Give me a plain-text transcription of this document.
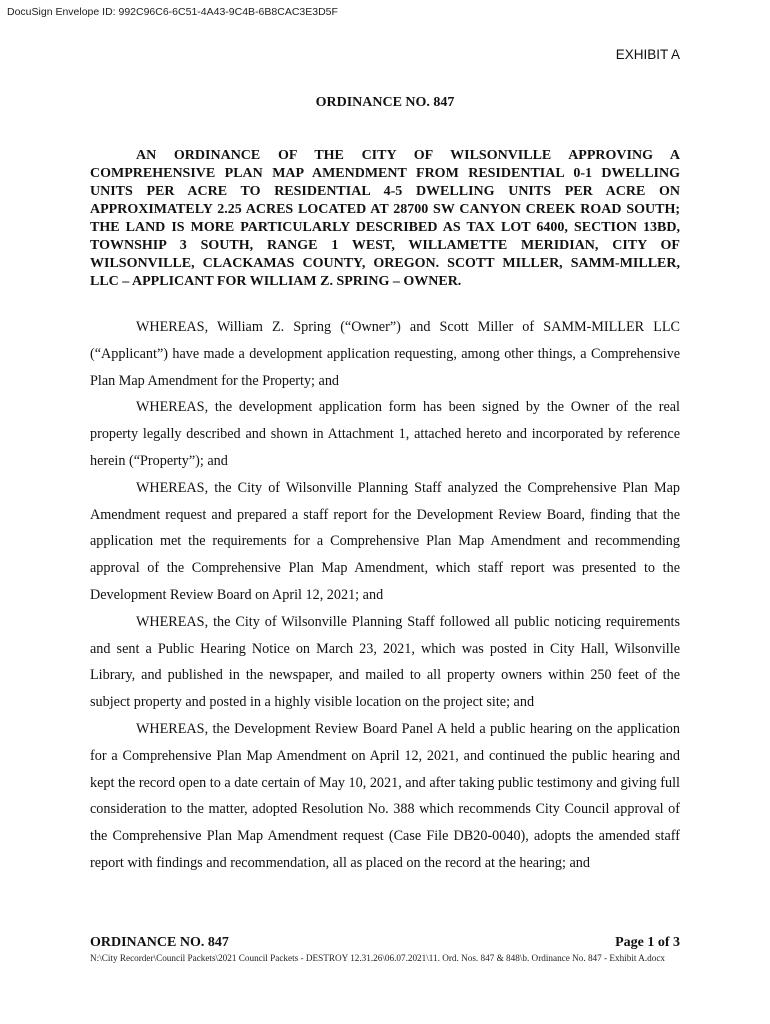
DocuSign Envelope ID: 992C96C6-6C51-4A43-9C4B-6B8CAC3E3D5F
EXHIBIT A
ORDINANCE NO. 847
AN ORDINANCE OF THE CITY OF WILSONVILLE APPROVING A COMPREHENSIVE PLAN MAP AMENDMENT FROM RESIDENTIAL 0-1 DWELLING UNITS PER ACRE TO RESIDENTIAL 4-5 DWELLING UNITS PER ACRE ON APPROXIMATELY 2.25 ACRES LOCATED AT 28700 SW CANYON CREEK ROAD SOUTH; THE LAND IS MORE PARTICULARLY DESCRIBED AS TAX LOT 6400, SECTION 13BD, TOWNSHIP 3 SOUTH, RANGE 1 WEST, WILLAMETTE MERIDIAN, CITY OF WILSONVILLE, CLACKAMAS COUNTY, OREGON. SCOTT MILLER, SAMM-MILLER, LLC – APPLICANT FOR WILLIAM Z. SPRING – OWNER.

WHEREAS, William Z. Spring (“Owner”) and Scott Miller of SAMM-MILLER LLC (“Applicant”) have made a development application requesting, among other things, a Comprehensive Plan Map Amendment for the Property; and

WHEREAS, the development application form has been signed by the Owner of the real property legally described and shown in Attachment 1, attached hereto and incorporated by reference herein (“Property”); and

WHEREAS, the City of Wilsonville Planning Staff analyzed the Comprehensive Plan Map Amendment request and prepared a staff report for the Development Review Board, finding that the application met the requirements for a Comprehensive Plan Map Amendment and recommending approval of the Comprehensive Plan Map Amendment, which staff report was presented to the Development Review Board on April 12, 2021; and

WHEREAS, the City of Wilsonville Planning Staff followed all public noticing requirements and sent a Public Hearing Notice on March 23, 2021, which was posted in City Hall, Wilsonville Library, and published in the newspaper, and mailed to all property owners within 250 feet of the subject property and posted in a highly visible location on the project site; and

WHEREAS, the Development Review Board Panel A held a public hearing on the application for a Comprehensive Plan Map Amendment on April 12, 2021, and continued the public hearing and kept the record open to a date certain of May 10, 2021, and after taking public testimony and giving full consideration to the matter, adopted Resolution No. 388 which recommends City Council approval of the Comprehensive Plan Map Amendment request (Case File DB20-0040), adopts the amended staff report with findings and recommendation, all as placed on the record at the hearing; and

ORDINANCE NO. 847	Page 1 of 3
N:\City Recorder\Council Packets\2021 Council Packets - DESTROY 12.31.26\06.07.2021\11. Ord. Nos. 847 & 848\b. Ordinance No. 847 - Exhibit A.docx
